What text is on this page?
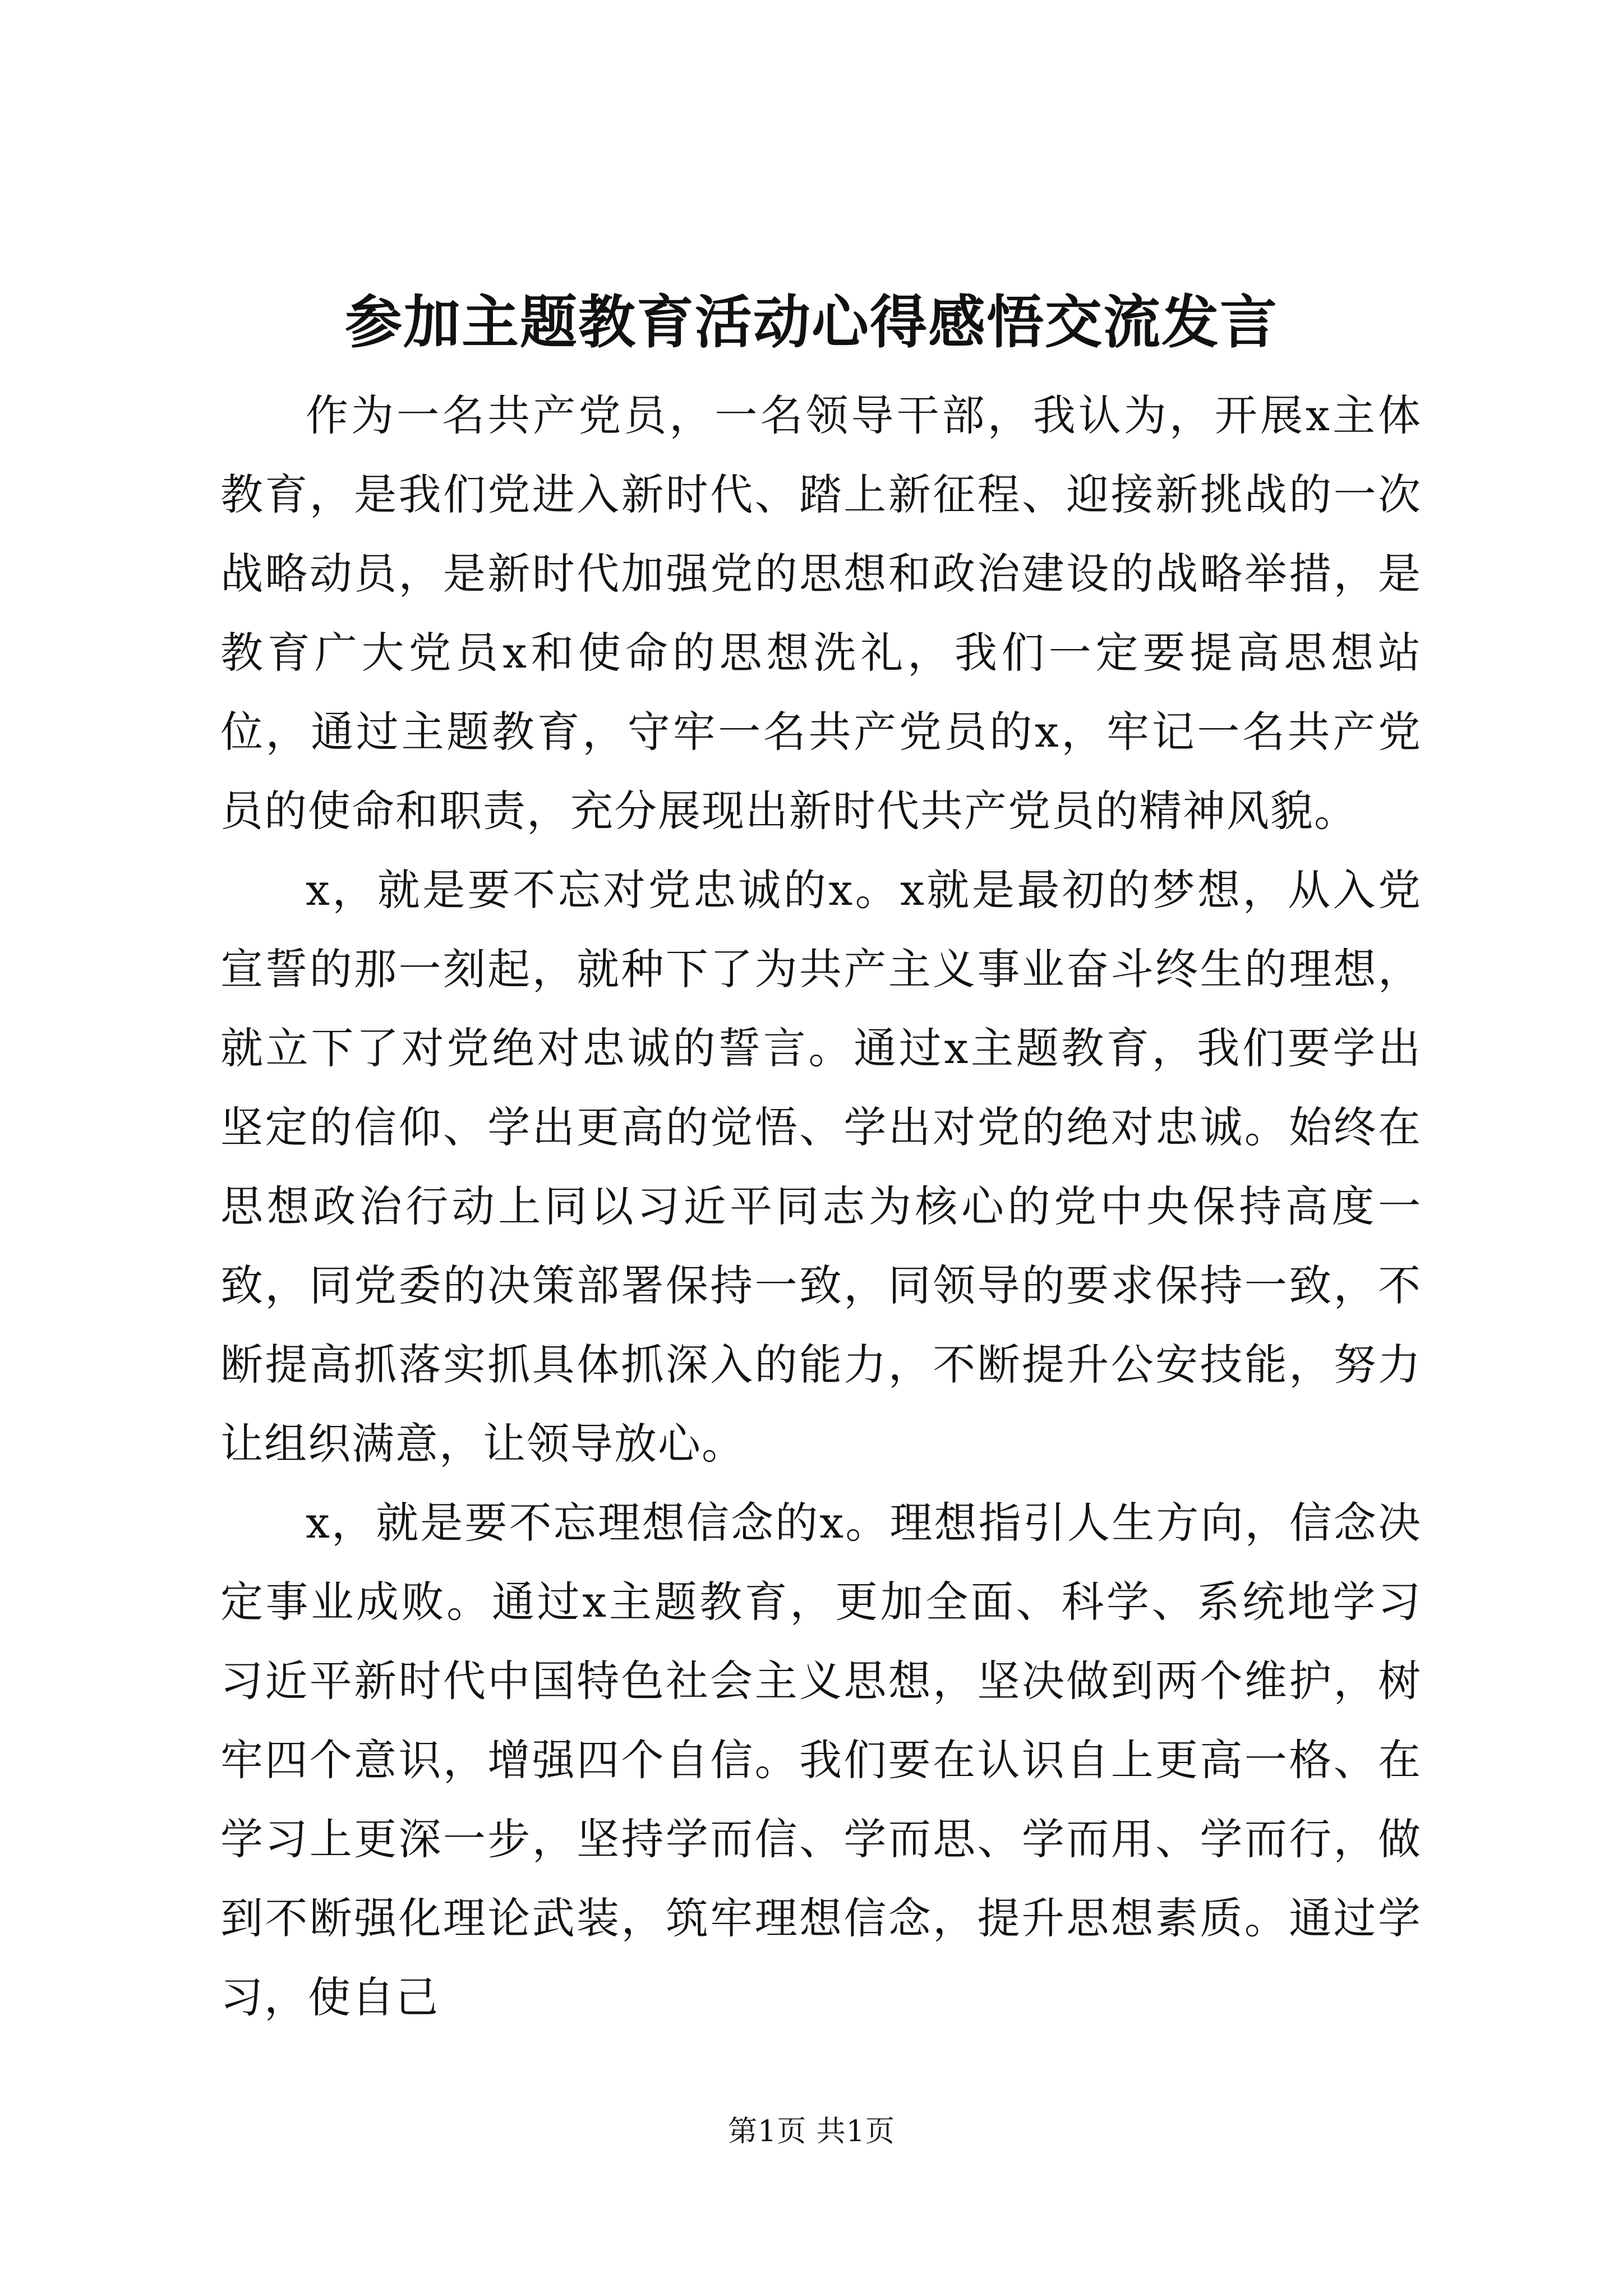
参加主题教育活动心得感悟交流发言

作为一名共产党员，一名领导干部，我认为，开展x主体教育，是我们党进入新时代、踏上新征程、迎接新挑战的一次战略动员，是新时代加强党的思想和政治建设的战略举措，是教育广大党员x和使命的思想洗礼，我们一定要提高思想站位，通过主题教育，守牢一名共产党员的x，牢记一名共产党员的使命和职责，充分展现出新时代共产党员的精神风貌。

x，就是要不忘对党忠诚的x。x就是最初的梦想，从入党宣誓的那一刻起，就种下了为共产主义事业奋斗终生的理想，就立下了对党绝对忠诚的誓言。通过x主题教育，我们要学出坚定的信仰、学出更高的觉悟、学出对党的绝对忠诚。始终在思想政治行动上同以习近平同志为核心的党中央保持高度一致，同党委的决策部署保持一致，同领导的要求保持一致，不断提高抓落实抓具体抓深入的能力，不断提升公安技能，努力让组织满意，让领导放心。

x，就是要不忘理想信念的x。理想指引人生方向，信念决定事业成败。通过x主题教育，更加全面、科学、系统地学习习近平新时代中国特色社会主义思想，坚决做到两个维护，树牢四个意识，增强四个自信。我们要在认识自上更高一格、在学习上更深一步，坚持学而信、学而思、学而用、学而行，做到不断强化理论武装，筑牢理想信念，提升思想素质。通过学习，使自己

第1页 共1页
